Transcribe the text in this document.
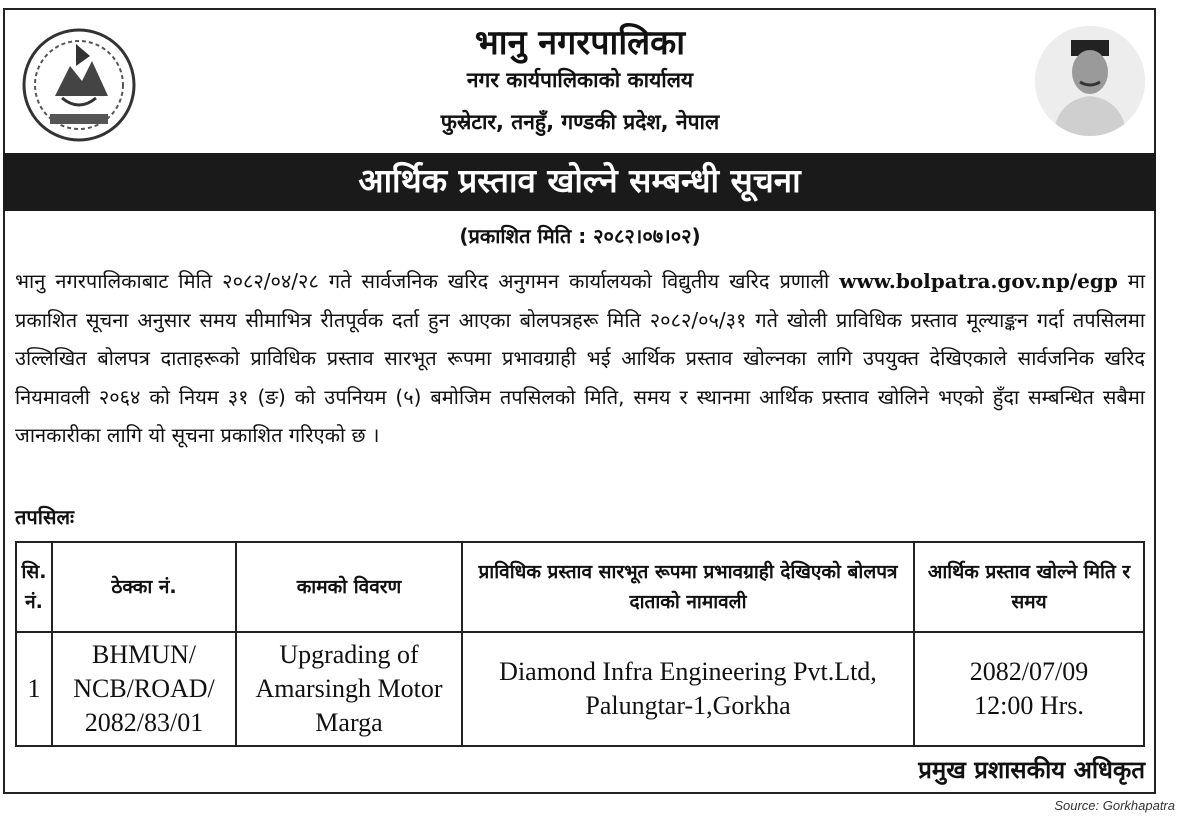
भानु नगरपालिका
नगर कार्यपालिकाको कार्यालय
फुस्रेटार, तनहुँ, गण्डकी प्रदेश, नेपाल
आर्थिक प्रस्ताव खोल्ने सम्बन्धी सूचना
(प्रकाशित मिति : २०८२।०७।०२)
भानु नगरपालिकाबाट मिति २०८२/०४/२८ गते सार्वजनिक खरिद अनुगमन कार्यालयको विद्युतीय खरिद प्रणाली www.bolpatra.gov.np/egp मा प्रकाशित सूचना अनुसार समय सीमाभित्र रीतपूर्वक दर्ता हुन आएका बोलपत्रहरू मिति २०८२/०५/३१ गते खोली प्राविधिक प्रस्ताव मूल्याङ्कन गर्दा तपसिलमा उल्लिखित बोलपत्र दाताहरूको प्राविधिक प्रस्ताव सारभूत रूपमा प्रभावग्राही भई आर्थिक प्रस्ताव खोल्नका लागि उपयुक्त देखिएकाले सार्वजनिक खरिद नियमावली २०६४ को नियम ३१ (ङ) को उपनियम (५) बमोजिम तपसिलको मिति, समय र स्थानमा आर्थिक प्रस्ताव खोलिने भएको हुँदा सम्बन्धित सबैमा जानकारीका लागि यो सूचना प्रकाशित गरिएको छ ।
तपसिलः
सि. नं.	ठेक्का नं.	कामको विवरण	प्राविधिक प्रस्ताव सारभूत रूपमा प्रभावग्राही देखिएको बोलपत्र दाताको नामावली	आर्थिक प्रस्ताव खोल्ने मिति र समय
1	BHMUN/ NCB/ROAD/ 2082/83/01	Upgrading of Amarsingh Motor Marga	Diamond Infra Engineering Pvt.Ltd, Palungtar-1,Gorkha	2082/07/09
12:00 Hrs.
प्रमुख प्रशासकीय अधिकृत
Source: Gorkhapatra
